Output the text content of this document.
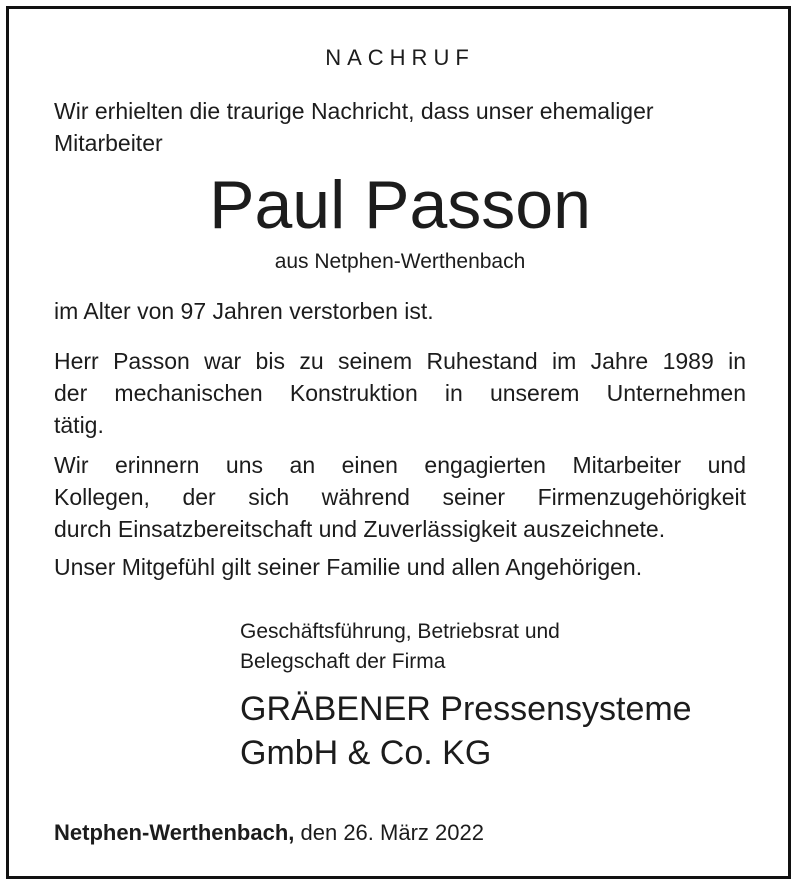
NACHRUF
Wir erhielten die traurige Nachricht, dass unser ehemaliger
Mitarbeiter
Paul Passon
aus Netphen-Werthenbach
im Alter von 97 Jahren verstorben ist.
Herr Passon war bis zu seinem Ruhestand im Jahre 1989 in
der mechanischen Konstruktion in unserem Unternehmen
tätig.
Wir erinnern uns an einen engagierten Mitarbeiter und
Kollegen, der sich während seiner Firmenzugehörigkeit
durch Einsatzbereitschaft und Zuverlässigkeit auszeichnete.
Unser Mitgefühl gilt seiner Familie und allen Angehörigen.
Geschäftsführung, Betriebsrat und
Belegschaft der Firma
GRÄBENER Pressensysteme
GmbH & Co. KG
Netphen-Werthenbach, den 26. März 2022
